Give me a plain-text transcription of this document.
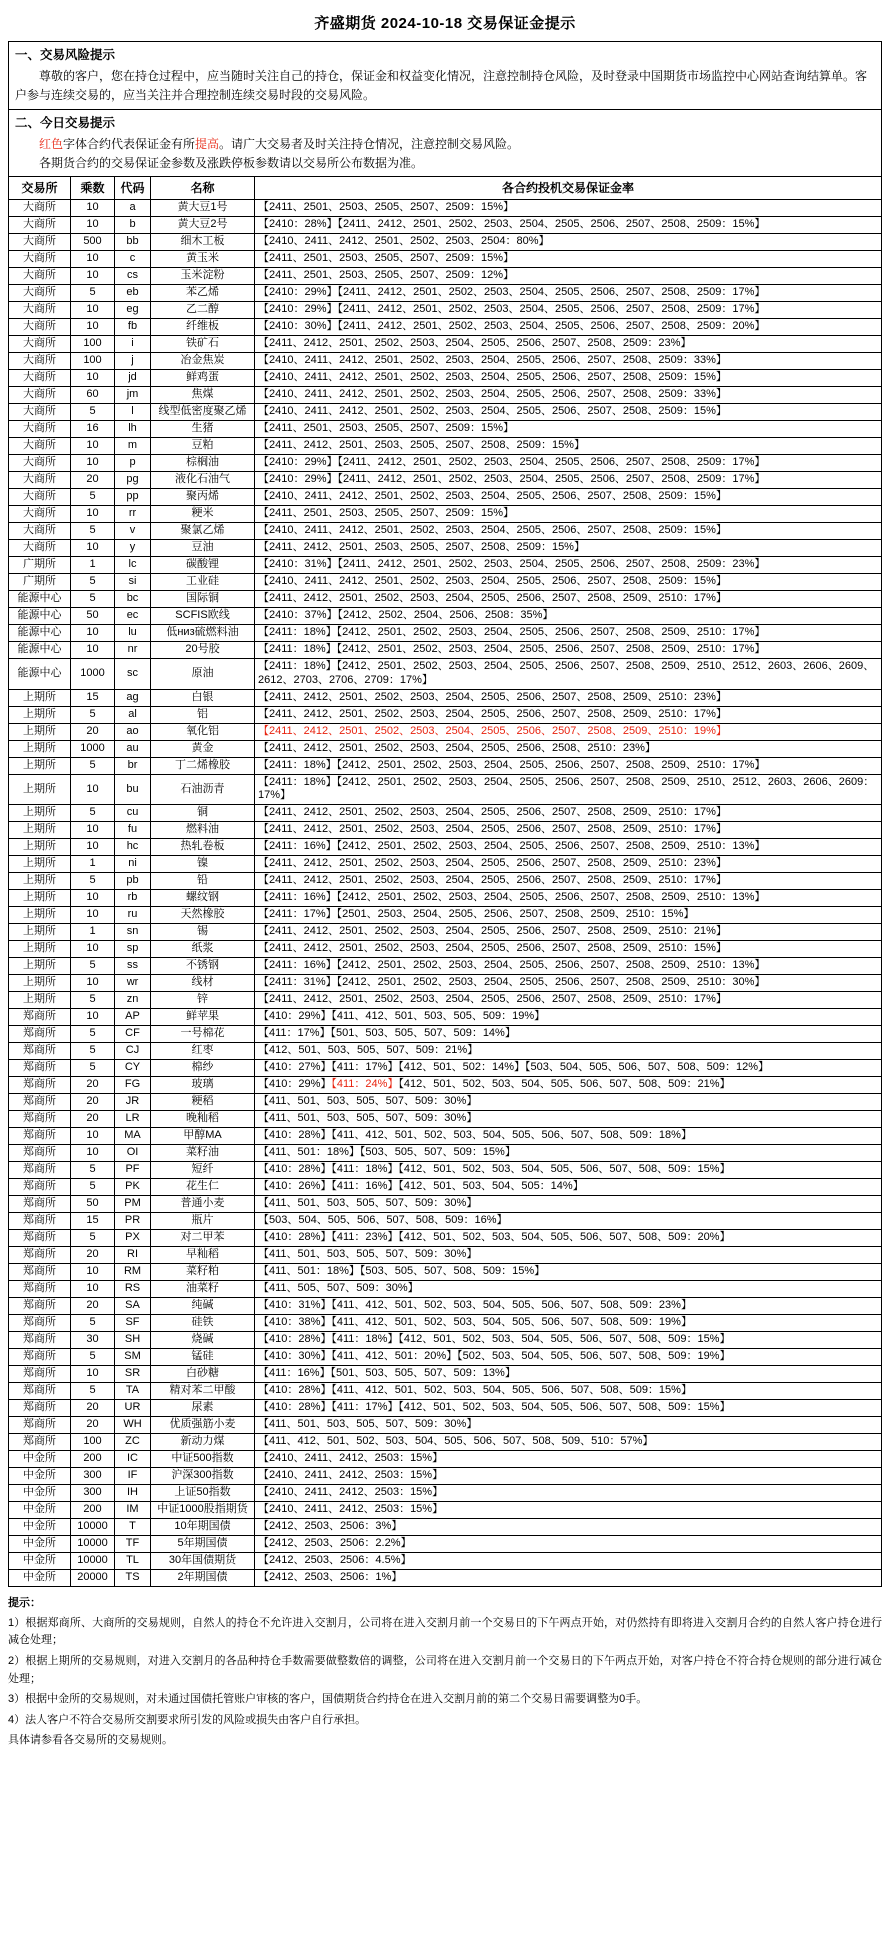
齐盛期货 2024-10-18 交易保证金提示
一、交易风险提示
尊敬的客户，您在持仓过程中，应当随时关注自己的持仓，保证金和权益变化情况，注意控制持仓风险，及时登录中国期货市场监控中心网站查询结算单。客户参与连续交易的，应当关注并合理控制连续交易时段的交易风险。
二、今日交易提示
红色字体合约代表保证金有所提高。请广大交易者及时关注持仓情况，注意控制交易风险。
各期货合约的交易保证金参数及涨跌停板参数请以交易所公布数据为准。
交易所	乘数	代码	名称	各合约投机交易保证金率
大商所	10	a	黄大豆1号	【2411、2501、2503、2505、2507、2509：15%】
大商所	10	b	黄大豆2号	【2410：28%】【2411、2412、2501、2502、2503、2504、2505、2506、2507、2508、2509：15%】
大商所	500	bb	细木工板	【2410、2411、2412、2501、2502、2503、2504：80%】
大商所	10	c	黄玉米	【2411、2501、2503、2505、2507、2509：15%】
大商所	10	cs	玉米淀粉	【2411、2501、2503、2505、2507、2509：12%】
大商所	5	eb	苯乙烯	【2410：29%】【2411、2412、2501、2502、2503、2504、2505、2506、2507、2508、2509：17%】
大商所	10	eg	乙二醇	【2410：29%】【2411、2412、2501、2502、2503、2504、2505、2506、2507、2508、2509：17%】
大商所	10	fb	纤维板	【2410：30%】【2411、2412、2501、2502、2503、2504、2505、2506、2507、2508、2509：20%】
大商所	100	i	铁矿石	【2411、2412、2501、2502、2503、2504、2505、2506、2507、2508、2509：23%】
大商所	100	j	冶金焦炭	【2410、2411、2412、2501、2502、2503、2504、2505、2506、2507、2508、2509：33%】
大商所	10	jd	鲜鸡蛋	【2410、2411、2412、2501、2502、2503、2504、2505、2506、2507、2508、2509：15%】
大商所	60	jm	焦煤	【2410、2411、2412、2501、2502、2503、2504、2505、2506、2507、2508、2509：33%】
大商所	5	l	线型低密度聚乙烯	【2410、2411、2412、2501、2502、2503、2504、2505、2506、2507、2508、2509：15%】
大商所	16	lh	生猪	【2411、2501、2503、2505、2507、2509：15%】
大商所	10	m	豆粕	【2411、2412、2501、2503、2505、2507、2508、2509：15%】
大商所	10	p	棕榈油	【2410：29%】【2411、2412、2501、2502、2503、2504、2505、2506、2507、2508、2509：17%】
大商所	20	pg	液化石油气	【2410：29%】【2411、2412、2501、2502、2503、2504、2505、2506、2507、2508、2509：17%】
大商所	5	pp	聚丙烯	【2410、2411、2412、2501、2502、2503、2504、2505、2506、2507、2508、2509：15%】
大商所	10	rr	粳米	【2411、2501、2503、2505、2507、2509：15%】
大商所	5	v	聚氯乙烯	【2410、2411、2412、2501、2502、2503、2504、2505、2506、2507、2508、2509：15%】
大商所	10	y	豆油	【2411、2412、2501、2503、2505、2507、2508、2509：15%】
广期所	1	lc	碳酸锂	【2410：31%】【2411、2412、2501、2502、2503、2504、2505、2506、2507、2508、2509：23%】
广期所	5	si	工业硅	【2410、2411、2412、2501、2502、2503、2504、2505、2506、2507、2508、2509：15%】
能源中心	5	bc	国际铜	【2411、2412、2501、2502、2503、2504、2505、2506、2507、2508、2509、2510：17%】
能源中心	50	ec	SCFIS欧线	【2410：37%】【2412、2502、2504、2506、2508：35%】
能源中心	10	lu	低низ硫燃料油	【2411：18%】【2412、2501、2502、2503、2504、2505、2506、2507、2508、2509、2510：17%】
能源中心	10	nr	20号胶	【2411：18%】【2412、2501、2502、2503、2504、2505、2506、2507、2508、2509、2510：17%】
能源中心	1000	sc	原油	【2411：18%】【2412、2501、2502、2503、2504、2505、2506、2507、2508、2509、2510、2512、2603、2606、2609、2612、2703、2706、2709：17%】
上期所	15	ag	白银	【2411、2412、2501、2502、2503、2504、2505、2506、2507、2508、2509、2510：23%】
上期所	5	al	铝	【2411、2412、2501、2502、2503、2504、2505、2506、2507、2508、2509、2510：17%】
上期所	20	ao	氧化铝	【2411、2412、2501、2502、2503、2504、2505、2506、2507、2508、2509、2510：19%】
上期所	1000	au	黄金	【2411、2412、2501、2502、2503、2504、2505、2506、2508、2510：23%】
上期所	5	br	丁二烯橡胶	【2411：18%】【2412、2501、2502、2503、2504、2505、2506、2507、2508、2509、2510：17%】
上期所	10	bu	石油沥青	【2411：18%】【2412、2501、2502、2503、2504、2505、2506、2507、2508、2509、2510、2512、2603、2606、2609：17%】
上期所	5	cu	铜	【2411、2412、2501、2502、2503、2504、2505、2506、2507、2508、2509、2510：17%】
上期所	10	fu	燃料油	【2411、2412、2501、2502、2503、2504、2505、2506、2507、2508、2509、2510：17%】
上期所	10	hc	热轧卷板	【2411：16%】【2412、2501、2502、2503、2504、2505、2506、2507、2508、2509、2510：13%】
上期所	1	ni	镍	【2411、2412、2501、2502、2503、2504、2505、2506、2507、2508、2509、2510：23%】
上期所	5	pb	铅	【2411、2412、2501、2502、2503、2504、2505、2506、2507、2508、2509、2510：17%】
上期所	10	rb	螺纹钢	【2411：16%】【2412、2501、2502、2503、2504、2505、2506、2507、2508、2509、2510：13%】
上期所	10	ru	天然橡胶	【2411：17%】【2501、2503、2504、2505、2506、2507、2508、2509、2510：15%】
上期所	1	sn	锡	【2411、2412、2501、2502、2503、2504、2505、2506、2507、2508、2509、2510：21%】
上期所	10	sp	纸浆	【2411、2412、2501、2502、2503、2504、2505、2506、2507、2508、2509、2510：15%】
上期所	5	ss	不锈钢	【2411：16%】【2412、2501、2502、2503、2504、2505、2506、2507、2508、2509、2510：13%】
上期所	10	wr	线材	【2411：31%】【2412、2501、2502、2503、2504、2505、2506、2507、2508、2509、2510：30%】
上期所	5	zn	锌	【2411、2412、2501、2502、2503、2504、2505、2506、2507、2508、2509、2510：17%】
郑商所	10	AP	鲜苹果	【410：29%】【411、412、501、503、505、509：19%】
郑商所	5	CF	一号棉花	【411：17%】【501、503、505、507、509：14%】
郑商所	5	CJ	红枣	【412、501、503、505、507、509：21%】
郑商所	5	CY	棉纱	【410：27%】【411：17%】【412、501、502：14%】【503、504、505、506、507、508、509：12%】
郑商所	20	FG	玻璃	【410：29%】【411：24%】【412、501、502、503、504、505、506、507、508、509：21%】
郑商所	20	JR	粳稻	【411、501、503、505、507、509：30%】
郑商所	20	LR	晚籼稻	【411、501、503、505、507、509：30%】
郑商所	10	MA	甲醇MA	【410：28%】【411、412、501、502、503、504、505、506、507、508、509：18%】
郑商所	10	OI	菜籽油	【411、501：18%】【503、505、507、509：15%】
郑商所	5	PF	短纤	【410：28%】【411：18%】【412、501、502、503、504、505、506、507、508、509：15%】
郑商所	5	PK	花生仁	【410：26%】【411：16%】【412、501、503、504、505：14%】
郑商所	50	PM	普通小麦	【411、501、503、505、507、509：30%】
郑商所	15	PR	瓶片	【503、504、505、506、507、508、509：16%】
郑商所	5	PX	对二甲苯	【410：28%】【411：23%】【412、501、502、503、504、505、506、507、508、509：20%】
郑商所	20	RI	早籼稻	【411、501、503、505、507、509：30%】
郑商所	10	RM	菜籽粕	【411、501：18%】【503、505、507、508、509：15%】
郑商所	10	RS	油菜籽	【411、505、507、509：30%】
郑商所	20	SA	纯碱	【410：31%】【411、412、501、502、503、504、505、506、507、508、509：23%】
郑商所	5	SF	硅铁	【410：38%】【411、412、501、502、503、504、505、506、507、508、509：19%】
郑商所	30	SH	烧碱	【410：28%】【411：18%】【412、501、502、503、504、505、506、507、508、509：15%】
郑商所	5	SM	锰硅	【410：30%】【411、412、501：20%】【502、503、504、505、506、507、508、509：19%】
郑商所	10	SR	白砂糖	【411：16%】【501、503、505、507、509：13%】
郑商所	5	TA	精对苯二甲酸	【410：28%】【411、412、501、502、503、504、505、506、507、508、509：15%】
郑商所	20	UR	尿素	【410：28%】【411：17%】【412、501、502、503、504、505、506、507、508、509：15%】
郑商所	20	WH	优质强筋小麦	【411、501、503、505、507、509：30%】
郑商所	100	ZC	新动力煤	【411、412、501、502、503、504、505、506、507、508、509、510：57%】
中金所	200	IC	中证500指数	【2410、2411、2412、2503：15%】
中金所	300	IF	沪深300指数	【2410、2411、2412、2503：15%】
中金所	300	IH	上证50指数	【2410、2411、2412、2503：15%】
中金所	200	IM	中证1000股指期货	【2410、2411、2412、2503：15%】
中金所	10000	T	10年期国债	【2412、2503、2506：3%】
中金所	10000	TF	5年期国债	【2412、2503、2506：2.2%】
中金所	10000	TL	30年国债期货	【2412、2503、2506：4.5%】
中金所	20000	TS	2年期国债	【2412、2503、2506：1%】
提示：

1）根据郑商所、大商所的交易规则，自然人的持仓不允许进入交割月，公司将在进入交割月前一个交易日的下午两点开始，对仍然持有即将进入交割月合约的自然人客户持仓进行减仓处理；

2）根据上期所的交易规则，对进入交割月的各品种持仓手数需要做整数倍的调整，公司将在进入交割月前一个交易日的下午两点开始，对客户持仓不符合持仓规则的部分进行减仓处理；

3）根据中金所的交易规则，对未通过国债托管账户审核的客户，国债期货合约持仓在进入交割月前的第二个交易日需要调整为0手。

4）法人客户不符合交易所交割要求所引发的风险或损失由客户自行承担。

具体请参看各交易所的交易规则。
